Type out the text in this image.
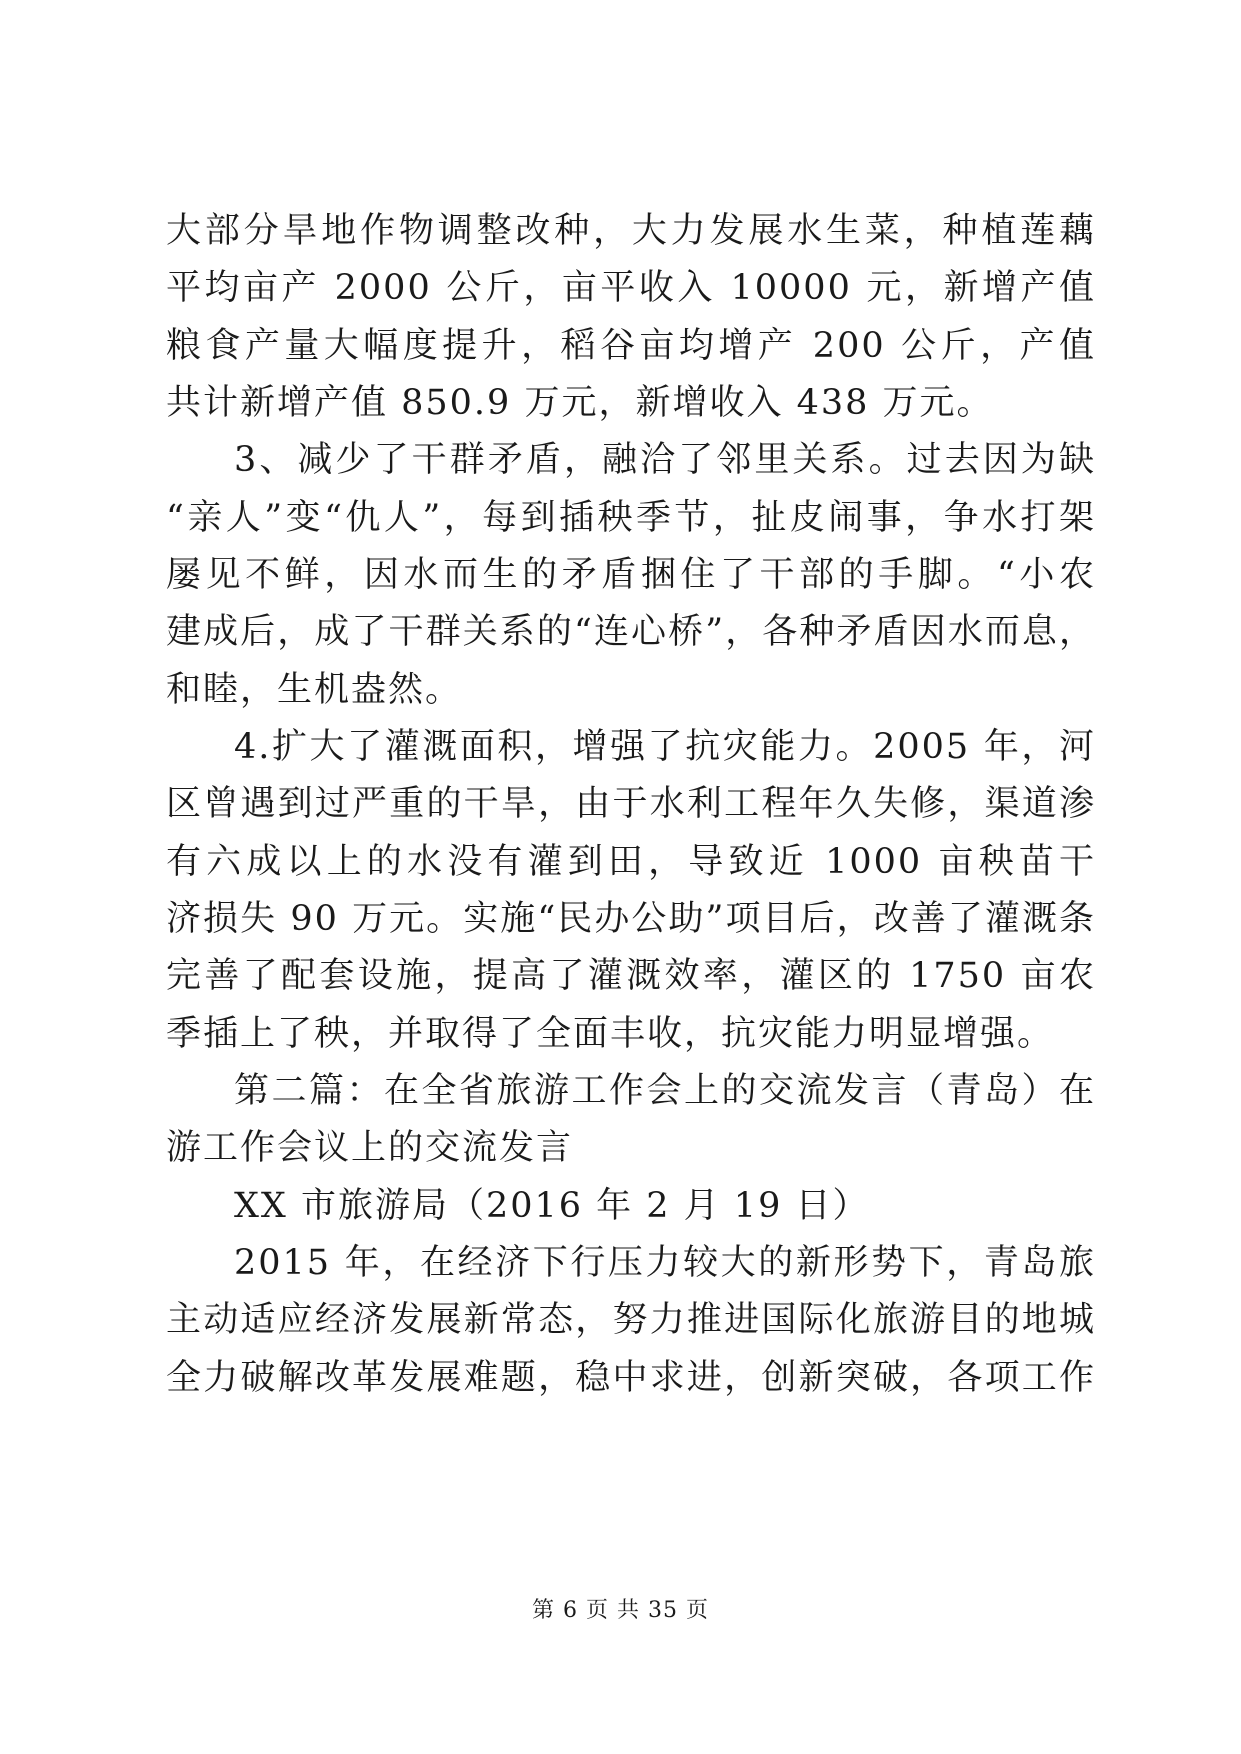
大部分旱地作物调整改种，大力发展水生菜，种植莲藕
平均亩产 2000 公斤，亩平收入 10000 元，新增产值
粮食产量大幅度提升，稻谷亩均增产 200 公斤，产值
共计新增产值 850.9 万元，新增收入 438 万元。
3、减少了干群矛盾，融洽了邻里关系。过去因为缺
“亲人”变“仇人”，每到插秧季节，扯皮闹事，争水打架
屡见不鲜，因水而生的矛盾捆住了干部的手脚。“小农
建成后，成了干群关系的“连心桥”，各种矛盾因水而息，
和睦，生机盎然。
4.扩大了灌溉面积，增强了抗灾能力。2005 年，河
区曾遇到过严重的干旱，由于水利工程年久失修，渠道渗
有六成以上的水没有灌到田，导致近 1000 亩秧苗干
济损失 90 万元。实施“民办公助”项目后，改善了灌溉条
完善了配套设施，提高了灌溉效率，灌区的 1750 亩农
季插上了秧，并取得了全面丰收，抗灾能力明显增强。
第二篇：在全省旅游工作会上的交流发言（青岛）在
游工作会议上的交流发言
XX 市旅游局（2016 年 2 月 19 日）
2015 年，在经济下行压力较大的新形势下，青岛旅
主动适应经济发展新常态，努力推进国际化旅游目的地城
全力破解改革发展难题，稳中求进，创新突破，各项工作
第 6 页 共 35 页
